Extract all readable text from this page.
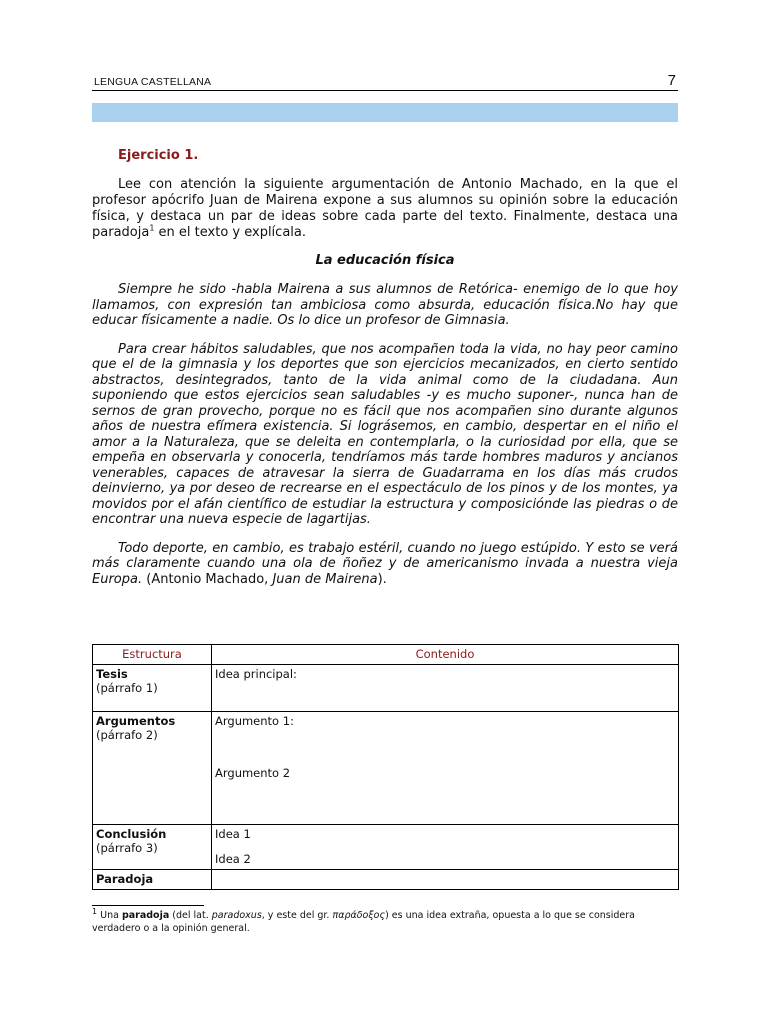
LENGUA CASTELLANA	7
Ejercicio 1.

Lee con atención la siguiente argumentación de Antonio Machado, en la que el profesor apócrifo Juan de Mairena expone a sus alumnos su opinión sobre la educación física, y destaca un par de ideas sobre cada parte del texto. Finalmente, destaca una paradoja$^1$ en el texto y explícala.

La educación física

Siempre he sido -habla Mairena a sus alumnos de Retórica- enemigo de lo que hoy llamamos, con expresión tan ambiciosa como absurda, educación física.No hay que educar físicamente a nadie. Os lo dice un profesor de Gimnasia.

Para crear hábitos saludables, que nos acompañen toda la vida, no hay peor camino que el de la gimnasia y los deportes que son ejercicios mecanizados, en cierto sentido abstractos, desintegrados, tanto de la vida animal como de la ciudadana. Aun suponiendo que estos ejercicios sean saludables -y es mucho suponer-, nunca han de sernos de gran provecho, porque no es fácil que nos acompañen sino durante algunos años de nuestra efímera existencia. Si lográsemos, en cambio, despertar en el niño el amor a la Naturaleza, que se deleita en contemplarla, o la curiosidad por ella, que se empeña en observarla y conocerla, tendríamos más tarde hombres maduros y ancianos venerables, capaces de atravesar la sierra de Guadarrama en los días más crudos deinvierno, ya por deseo de recrearse en el espectáculo de los pinos y de los montes, ya movidos por el afán científico de estudiar la estructura y composiciónde las piedras o de encontrar una nueva especie de lagartijas.

Todo deporte, en cambio, es trabajo estéril, cuando no juego estúpido. Y esto se verá más claramente cuando una ola de ñoñez y de americanismo invada a nuestra vieja Europa. (Antonio Machado, Juan de Mairena).

Estructura	Contenido
Tesis
(párrafo 1)	Idea principal:
Argumentos
(párrafo 2)	Argumento 1:
Argumento 2
Conclusión
(párrafo 3)	Idea 1
Idea 2
Paradoja	
$^1$ Una paradoja (del lat. paradoxus, y este del gr. παράδοξος) es una idea extraña, opuesta a lo que se considera verdadero o a la opinión general.
